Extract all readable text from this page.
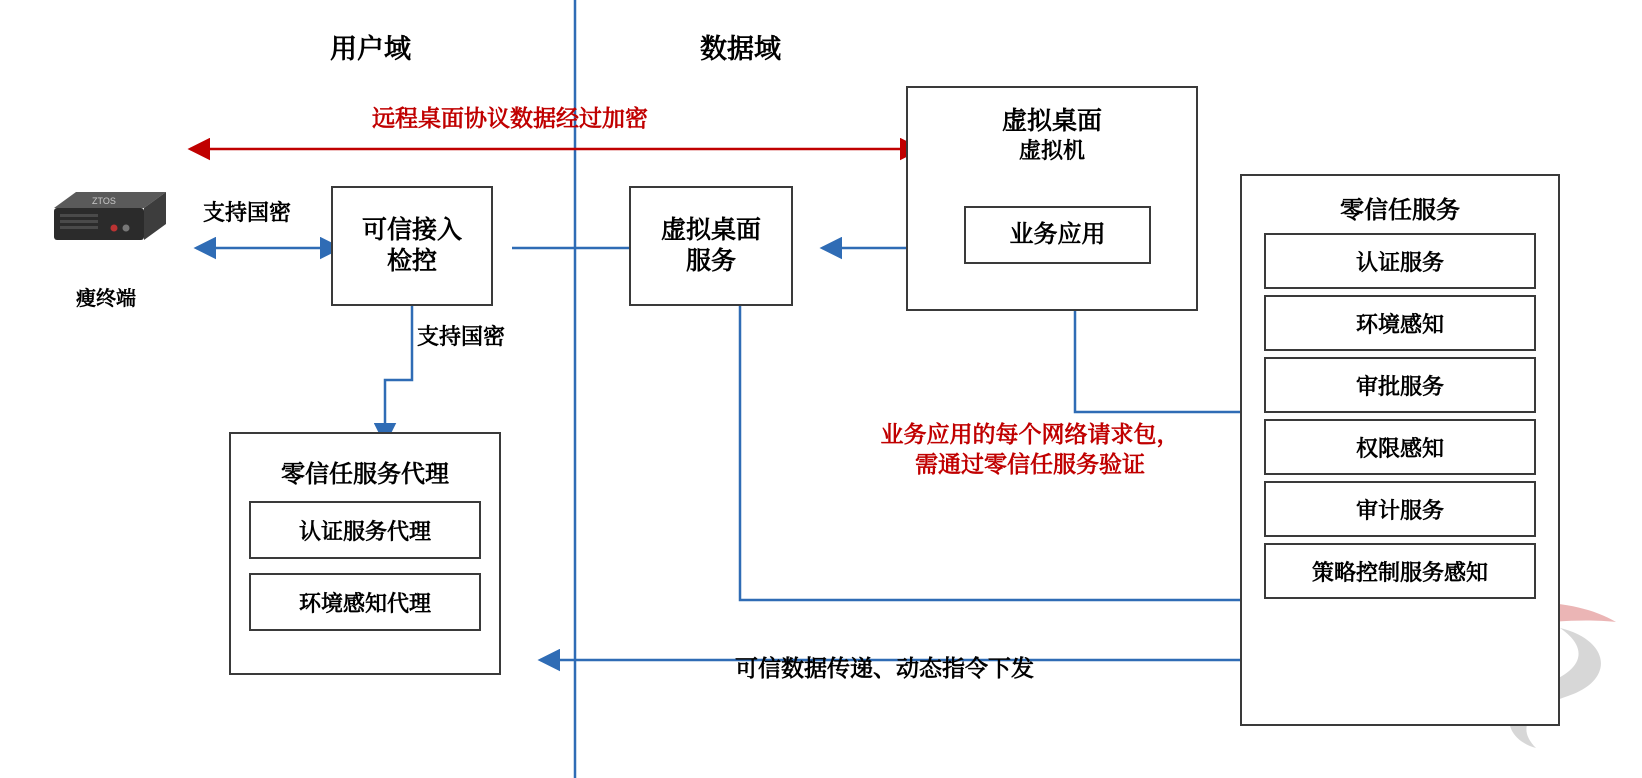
用户域	数据域
ZTOS
瘦终端
可信接入
检控
虚拟桌面
服务
虚拟桌面
虚拟机
业务应用
零信任服务
认证服务
环境感知
审批服务
权限感知
审计服务
策略控制服务感知
零信任服务代理
认证服务代理
环境感知代理
远程桌面协议数据经过加密
支持国密
支持国密
业务应用的每个网络请求包，
需通过零信任服务验证
可信数据传递、动态指令下发
